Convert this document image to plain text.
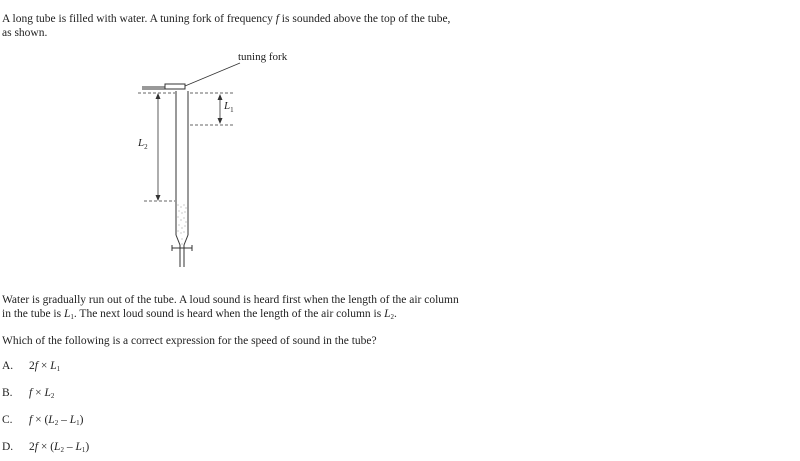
A long tube is filled with water. A tuning fork of frequency f is sounded above the top of the tube,
as shown.
tuning fork
$L_2$
$L_1$
Water is gradually run out of the tube. A loud sound is heard first when the length of the air column
in the tube is $L_1$. The next loud sound is heard when the length of the air column is $L_2$.
Which of the following is a correct expression for the speed of sound in the tube?
A. $2f \times L_1$
B. $f \times L_2$
C. $f \times (L_2 - L_1)$
D. $2f \times (L_2 - L_1)$
